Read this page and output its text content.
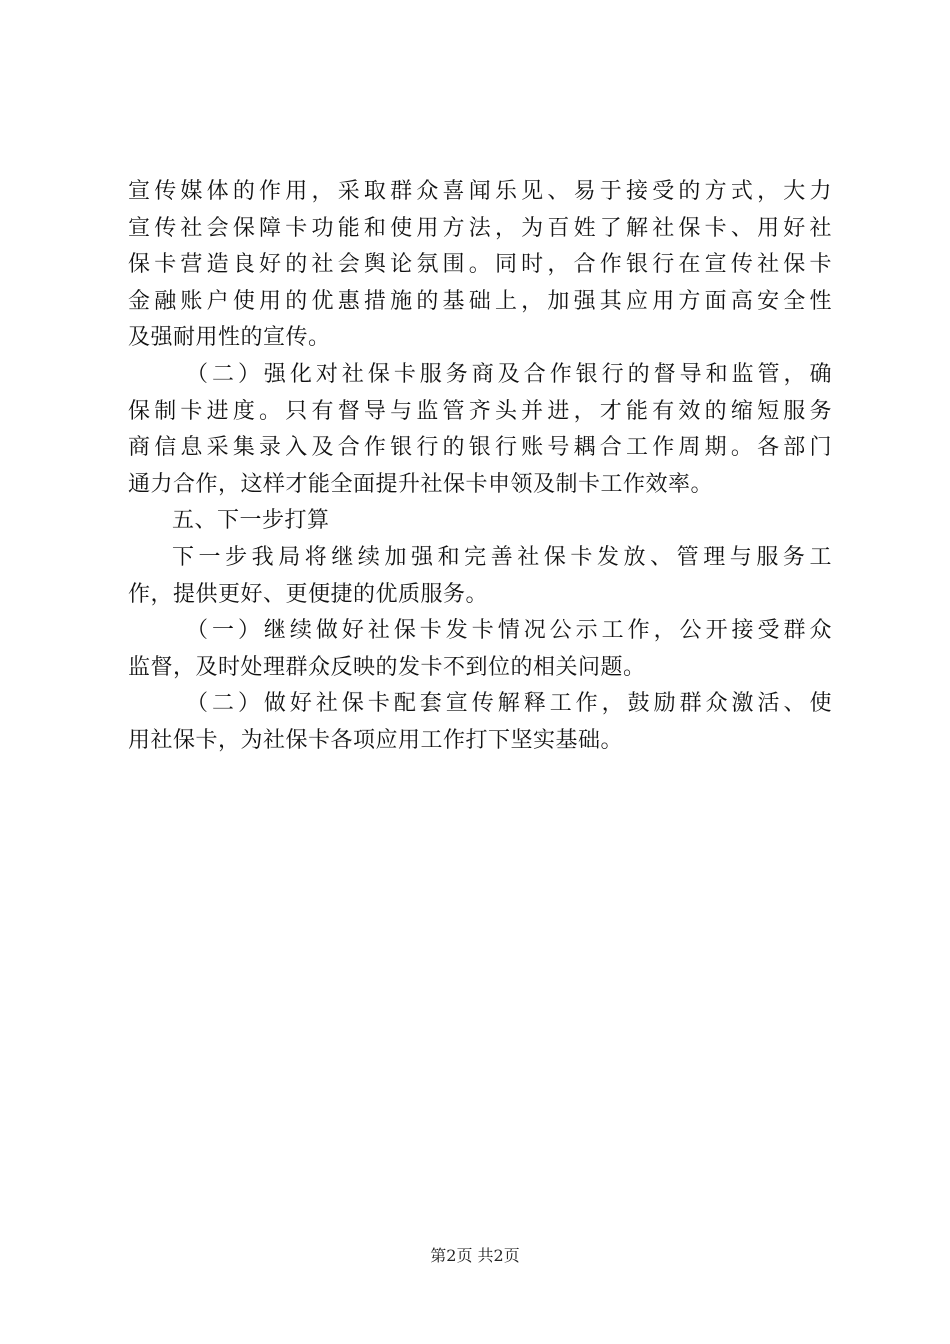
宣传媒体的作用，采取群众喜闻乐见、易于接受的方式，大力
宣传社会保障卡功能和使用方法，为百姓了解社保卡、用好社
保卡营造良好的社会舆论氛围。同时，合作银行在宣传社保卡
金融账户使用的优惠措施的基础上，加强其应用方面高安全性
及强耐用性的宣传。
（二）强化对社保卡服务商及合作银行的督导和监管，确
保制卡进度。只有督导与监管齐头并进，才能有效的缩短服务
商信息采集录入及合作银行的银行账号耦合工作周期。各部门
通力合作，这样才能全面提升社保卡申领及制卡工作效率。
五、下一步打算
下一步我局将继续加强和完善社保卡发放、管理与服务工
作，提供更好、更便捷的优质服务。
（一）继续做好社保卡发卡情况公示工作，公开接受群众
监督，及时处理群众反映的发卡不到位的相关问题。
（二）做好社保卡配套宣传解释工作，鼓励群众激活、使
用社保卡，为社保卡各项应用工作打下坚实基础。
第2页 共2页
